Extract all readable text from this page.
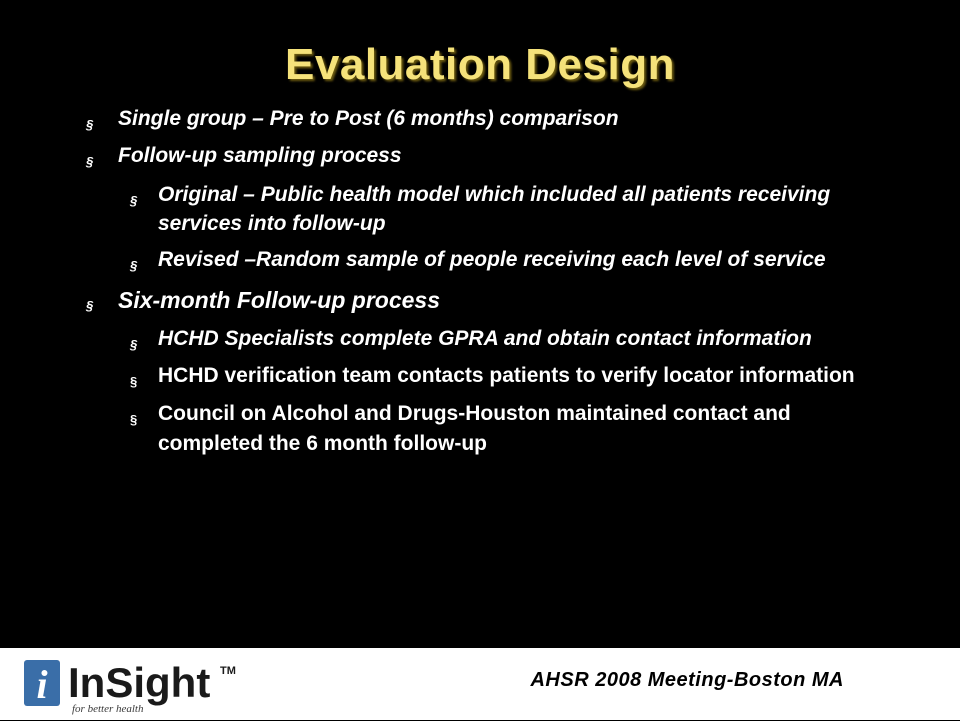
Evaluation Design
§ Single group – Pre to Post (6 months) comparison
§ Follow-up sampling process
§ Original – Public health model which included all patients receiving services into follow-up
§ Revised –Random sample of people receiving each level of service
§ Six-month Follow-up process
§ HCHD Specialists complete GPRA and obtain contact information
§ HCHD verification team contacts patients to verify locator information
§ Council on Alcohol and Drugs-Houston maintained contact and completed the 6 month follow-up
i InSight TM
for better health
AHSR 2008 Meeting-Boston MA
